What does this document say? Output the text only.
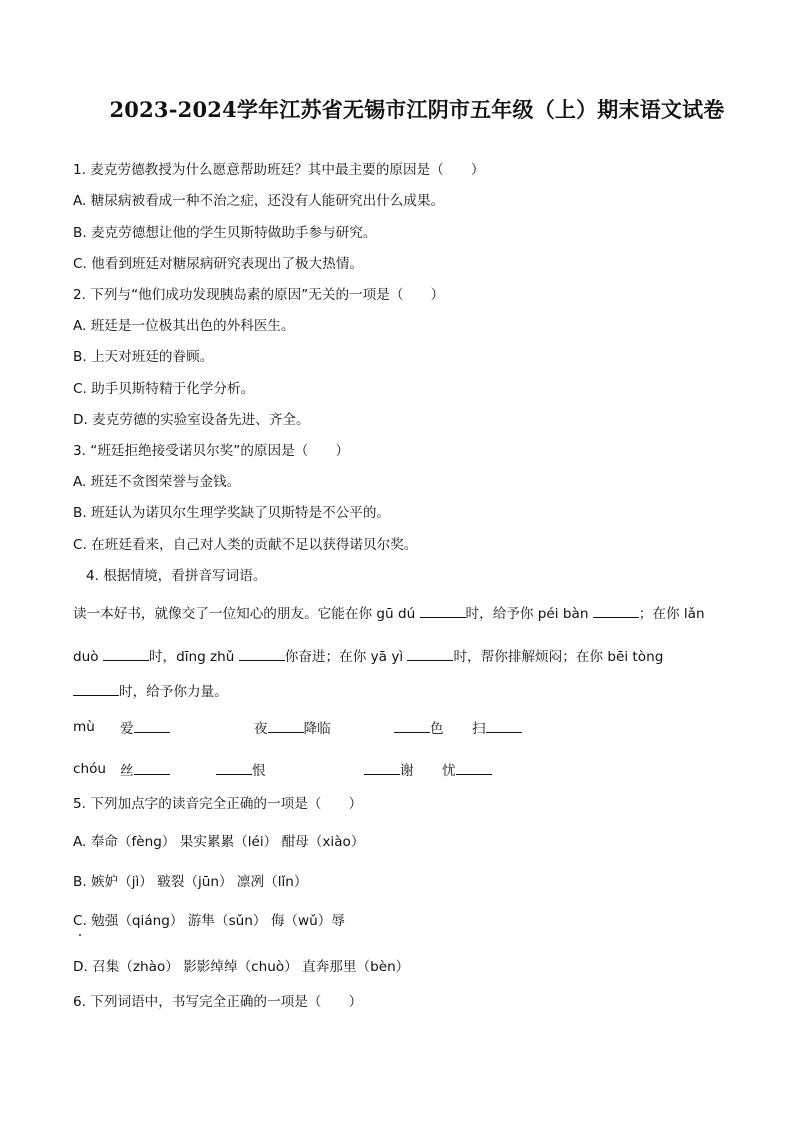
2023-2024学年江苏省无锡市江阴市五年级（上）期末语文试卷
1. 麦克劳德教授为什么愿意帮助班廷？其中最主要的原因是（　　）
A. 糖尿病被看成一种不治之症，还没有人能研究出什么成果。
B. 麦克劳德想让他的学生贝斯特做助手参与研究。
C. 他看到班廷对糖尿病研究表现出了极大热情。
2. 下列与“他们成功发现胰岛素的原因”无关的一项是（　　）
A. 班廷是一位极其出色的外科医生。
B. 上天对班廷的眷顾。
C. 助手贝斯特精于化学分析。
D. 麦克劳德的实验室设备先进、齐全。
3. “班廷拒绝接受诺贝尔奖”的原因是（　　）
A. 班廷不贪图荣誉与金钱。
B. 班廷认为诺贝尔生理学奖缺了贝斯特是不公平的。
C. 在班廷看来，自己对人类的贡献不足以获得诺贝尔奖。
4. 根据情境，看拼音写词语。
读一本好书，就像交了一位知心的朋友。它能在你 gū dú	时，给予你 péi bàn	；在你 lǎn
duò	时，dīng zhǔ	你奋进；在你 yā yì	时，帮你排解烦闷；在你 bēi tòng
时，给予你力量。
mù 爱	夜	降临	色 扫
chóu 丝	恨	谢 忧
5. 下列加点字的读音完全正确的一项是（　　）
A. 奉命（fèng） 果实累累（léi） 酣母（xiào）
B. 嫉妒（jì） 皲裂（jūn） 凛冽（lǐn）
C. 勉强（qiáng） 游隼（sǔn） 侮（wǔ）辱
D. 召集（zhào） 影影绰绰（chuò） 直奔那里（bèn）
6. 下列词语中，书写完全正确的一项是（　　）
